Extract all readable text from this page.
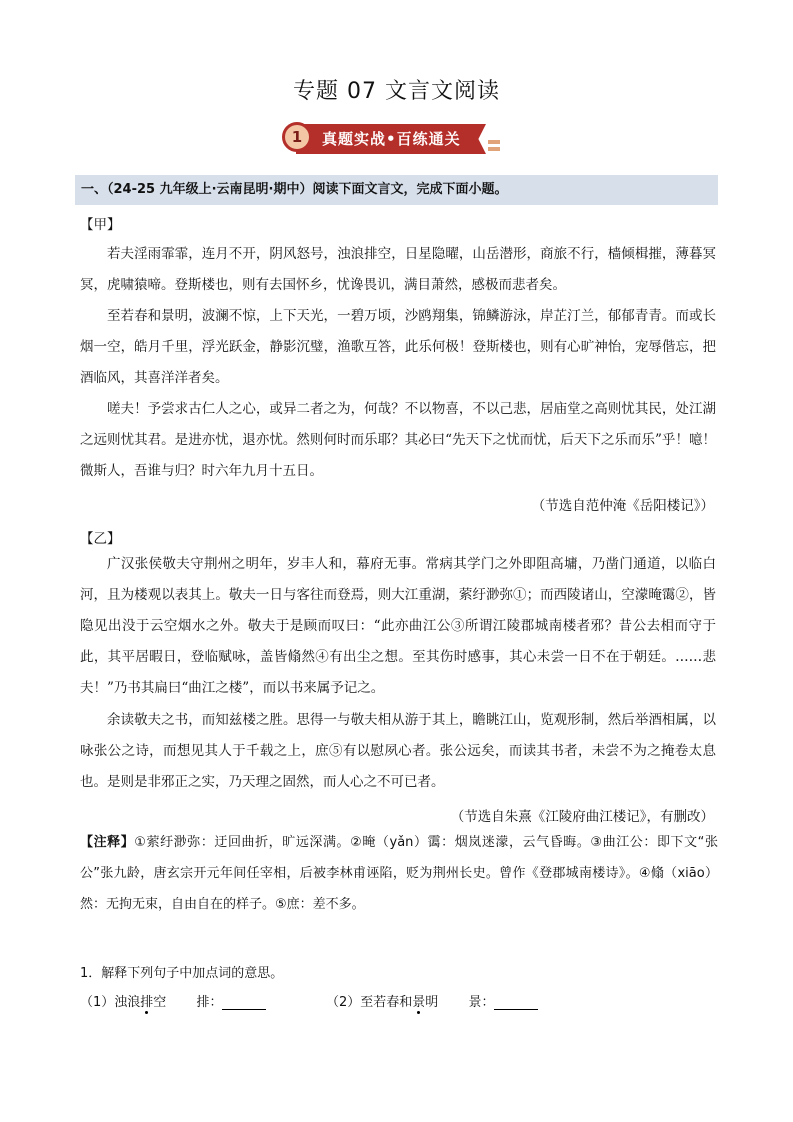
专题 07 文言文阅读
1	真题实战•百练通关
一、（24-25 九年级上·云南昆明·期中）阅读下面文言文，完成下面小题。
【甲】

若夫淫雨霏霏，连月不开，阴风怒号，浊浪排空，日星隐曜，山岳潜形，商旅不行，樯倾楫摧，薄暮冥冥，虎啸猿啼。登斯楼也，则有去国怀乡，忧谗畏讥，满目萧然，感极而悲者矣。

至若春和景明，波澜不惊，上下天光，一碧万顷，沙鸥翔集，锦鳞游泳，岸芷汀兰，郁郁青青。而或长烟一空，皓月千里，浮光跃金，静影沉璧，渔歌互答，此乐何极！登斯楼也，则有心旷神怡，宠辱偕忘，把酒临风，其喜洋洋者矣。

嗟夫！予尝求古仁人之心，或异二者之为，何哉？不以物喜，不以己悲，居庙堂之高则忧其民，处江湖之远则忧其君。是进亦忧，退亦忧。然则何时而乐耶？其必曰“先天下之忧而忧，后天下之乐而乐”乎！噫！微斯人，吾谁与归？时六年九月十五日。

（节选自范仲淹《岳阳楼记》）
【乙】

广汉张侯敬夫守荆州之明年，岁丰人和，幕府无事。常病其学门之外即阻高墉，乃凿门通道，以临白河，且为楼观以表其上。敬夫一日与客往而登焉，则大江重湖，萦纡渺弥①；而西陵诸山，空濛晻霭②，皆隐见出没于云空烟水之外。敬夫于是顾而叹曰：“此亦曲江公③所谓江陵郡城南楼者邪？昔公去相而守于此，其平居暇日，登临赋咏，盖皆翛然④有出尘之想。至其伤时感事，其心未尝一日不在于朝廷。……悲夫！”乃书其扁曰“曲江之楼”，而以书来属予记之。

余读敬夫之书，而知兹楼之胜。思得一与敬夫相从游于其上，瞻眺江山，览观形制，然后举酒相属，以咏张公之诗，而想见其人于千载之上，庶⑤有以慰夙心者。张公远矣，而读其书者，未尝不为之掩卷太息也。是则是非邪正之实，乃天理之固然，而人心之不可已者。

（节选自朱熹《江陵府曲江楼记》，有删改）
【注释】①萦纡渺弥：迂回曲折，旷远深满。②晻（yǎn）霭：烟岚迷濛，云气昏晦。③曲江公：即下文“张公”张九龄，唐玄宗开元年间任宰相，后被李林甫诬陷，贬为荆州长史。曾作《登郡城南楼诗》。④翛（xiāo）然：无拘无束，自由自在的样子。⑤庶：差不多。
1．解释下列句子中加点词的意思。
（1）浊浪排空 排：	（2）至若春和景明 景：
